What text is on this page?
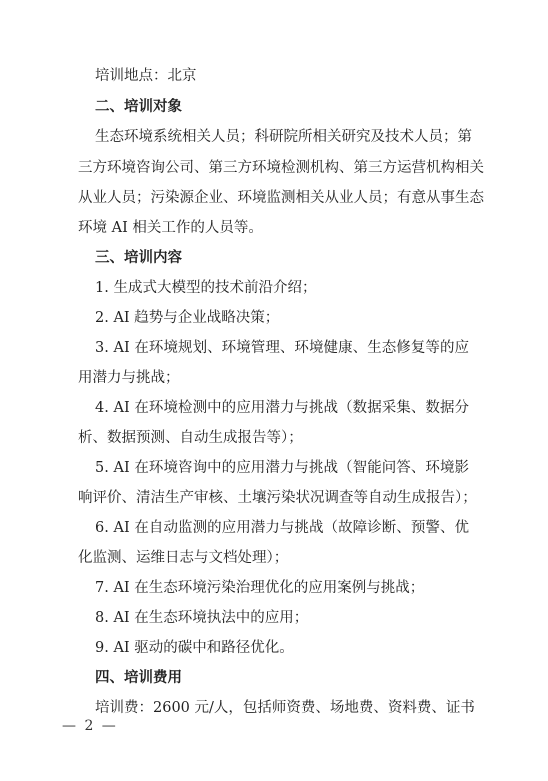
培训地点：北京
二、培训对象
生态环境系统相关人员；科研院所相关研究及技术人员；第
三方环境咨询公司、第三方环境检测机构、第三方运营机构相关
从业人员；污染源企业、环境监测相关从业人员；有意从事生态
环境 AI 相关工作的人员等。
三、培训内容
1. 生成式大模型的技术前沿介绍；
2. AI 趋势与企业战略决策；
3. AI 在环境规划、环境管理、环境健康、生态修复等的应
用潜力与挑战；
4. AI 在环境检测中的应用潜力与挑战（数据采集、数据分
析、数据预测、自动生成报告等）；
5. AI 在环境咨询中的应用潜力与挑战（智能问答、环境影
响评价、清洁生产审核、土壤污染状况调查等自动生成报告）；
6. AI 在自动监测的应用潜力与挑战（故障诊断、预警、优
化监测、运维日志与文档处理）；
7. AI 在生态环境污染治理优化的应用案例与挑战；
8. AI 在生态环境执法中的应用；
9. AI 驱动的碳中和路径优化。
四、培训费用
培训费：2600 元/人，包括师资费、场地费、资料费、证书
— 2 —
